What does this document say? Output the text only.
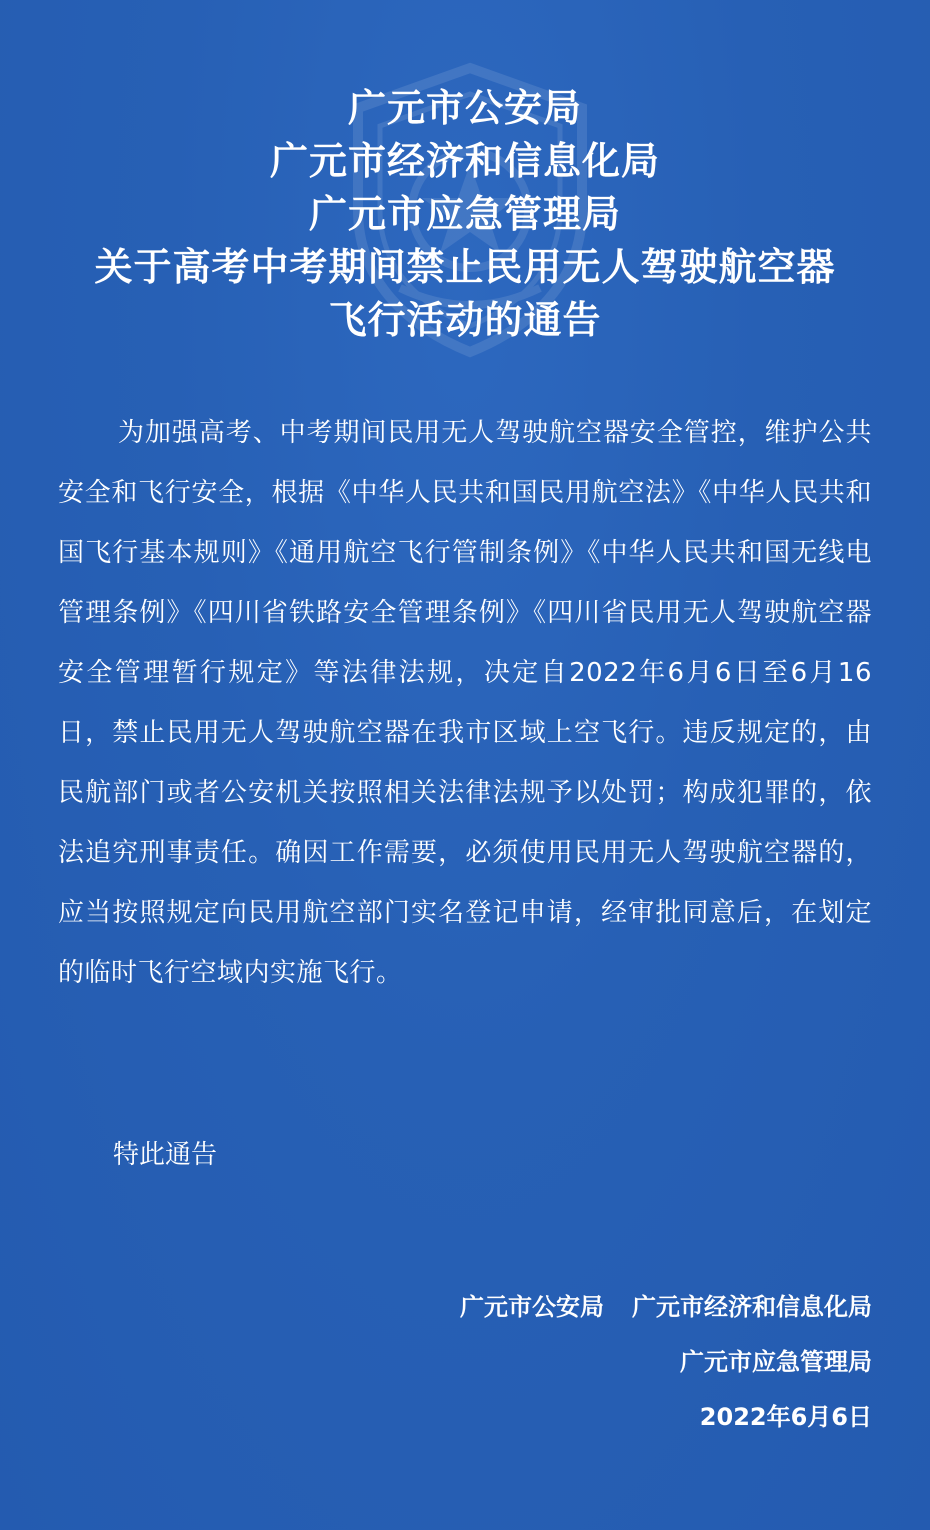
广元市公安局
广元市经济和信息化局
广元市应急管理局
关于高考中考期间禁止民用无人驾驶航空器
飞行活动的通告
为加强高考、中考期间民用无人驾驶航空器安全管控，维护公共安全和飞行安全，根据《中华人民共和国民用航空法》《中华人民共和国飞行基本规则》《通用航空飞行管制条例》《中华人民共和国无线电管理条例》《四川省铁路安全管理条例》《四川省民用无人驾驶航空器安全管理暂行规定》等法律法规，决定自2022年6月6日至6月16日，禁止民用无人驾驶航空器在我市区域上空飞行。违反规定的，由民航部门或者公安机关按照相关法律法规予以处罚；构成犯罪的，依法追究刑事责任。确因工作需要，必须使用民用无人驾驶航空器的，应当按照规定向民用航空部门实名登记申请，经审批同意后，在划定的临时飞行空域内实施飞行。
特此通告
广元市公安局 广元市经济和信息化局
广元市应急管理局
2022年6月6日
